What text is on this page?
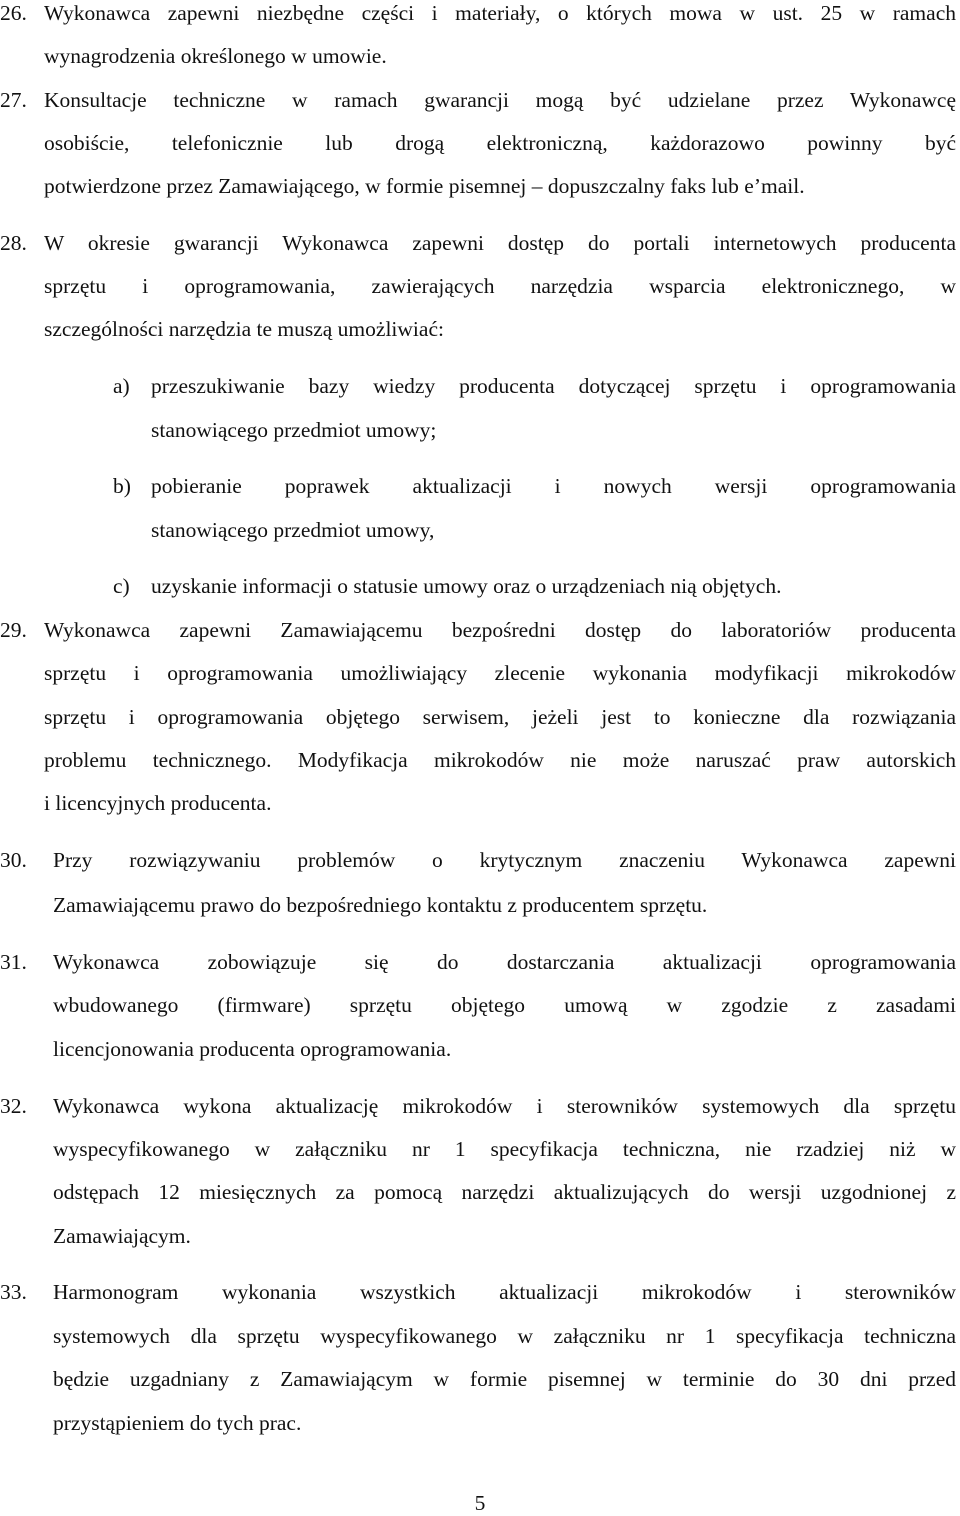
26. Wykonawca zapewni niezbędne części i materiały, o których mowa w ust. 25 w ramach
wynagrodzenia określonego w umowie.
27. Konsultacje techniczne w ramach gwarancji mogą być udzielane przez Wykonawcę
osobiście, telefonicznie lub drogą elektroniczną, każdorazowo powinny być
potwierdzone przez Zamawiającego, w formie pisemnej – dopuszczalny faks lub e’mail.
28. W okresie gwarancji Wykonawca zapewni dostęp do portali internetowych producenta
sprzętu i oprogramowania, zawierających narzędzia wsparcia elektronicznego, w
szczególności narzędzia te muszą umożliwiać:
a) przeszukiwanie bazy wiedzy producenta dotyczącej sprzętu i oprogramowania
stanowiącego przedmiot umowy;
b) pobieranie poprawek aktualizacji i nowych wersji oprogramowania
stanowiącego przedmiot umowy,
c) uzyskanie informacji o statusie umowy oraz o urządzeniach nią objętych.
29. Wykonawca zapewni Zamawiającemu bezpośredni dostęp do laboratoriów producenta
sprzętu i oprogramowania umożliwiający zlecenie wykonania modyfikacji mikrokodów
sprzętu i oprogramowania objętego serwisem, jeżeli jest to konieczne dla rozwiązania
problemu technicznego. Modyfikacja mikrokodów nie może naruszać praw autorskich
i licencyjnych producenta.
30. Przy rozwiązywaniu problemów o krytycznym znaczeniu Wykonawca zapewni
Zamawiającemu prawo do bezpośredniego kontaktu z producentem sprzętu.
31. Wykonawca zobowiązuje się do dostarczania aktualizacji oprogramowania
wbudowanego (firmware) sprzętu objętego umową w zgodzie z zasadami
licencjonowania producenta oprogramowania.
32. Wykonawca wykona aktualizację mikrokodów i sterowników systemowych dla sprzętu
wyspecyfikowanego w załączniku nr 1 specyfikacja techniczna, nie rzadziej niż w
odstępach 12 miesięcznych za pomocą narzędzi aktualizujących do wersji uzgodnionej z
Zamawiającym.
33. Harmonogram wykonania wszystkich aktualizacji mikrokodów i sterowników
systemowych dla sprzętu wyspecyfikowanego w załączniku nr 1 specyfikacja techniczna
będzie uzgadniany z Zamawiającym w formie pisemnej w terminie do 30 dni przed
przystąpieniem do tych prac.
5
